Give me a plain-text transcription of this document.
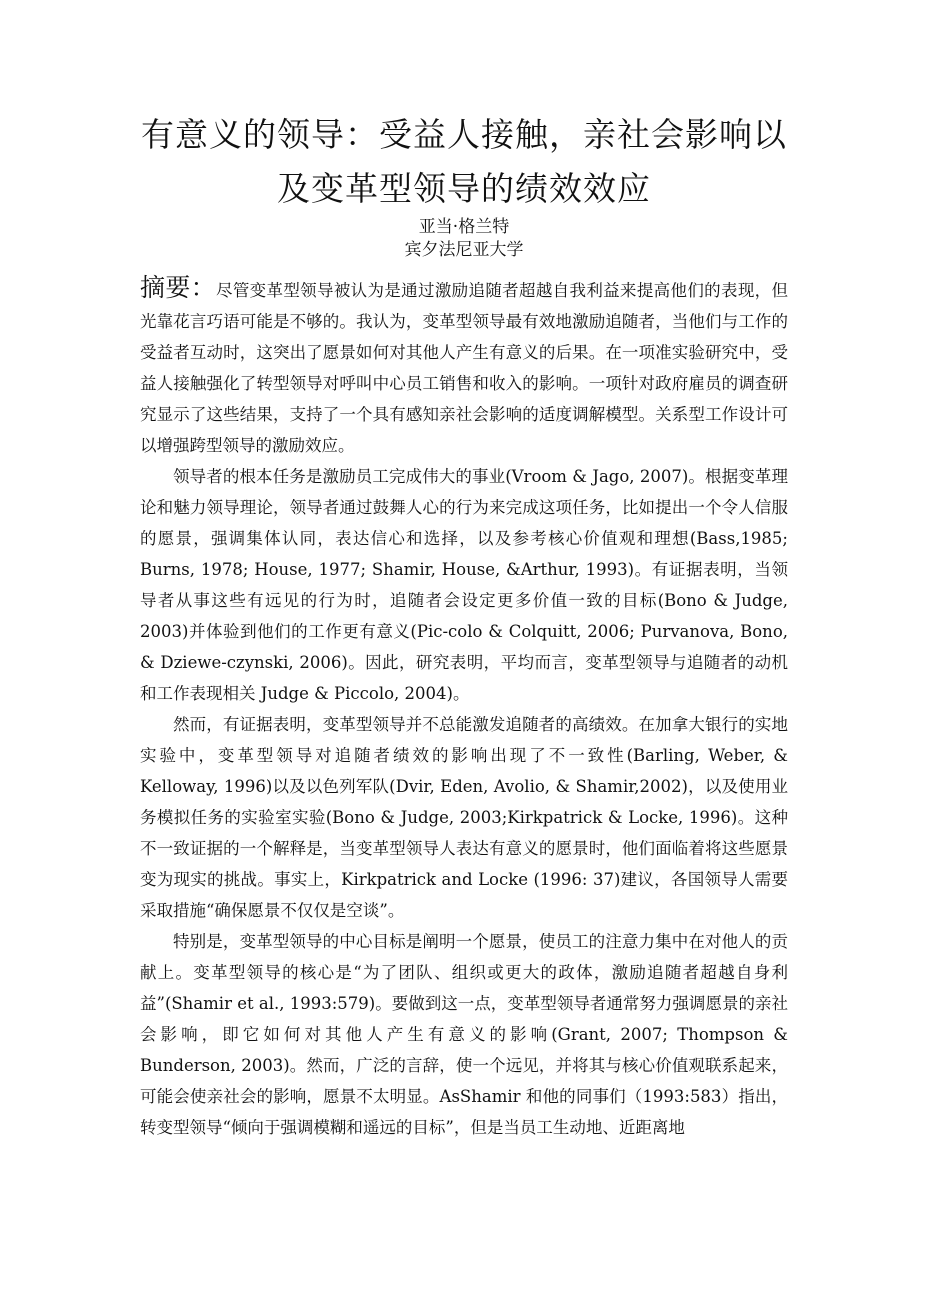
有意义的领导：受益人接触，亲社会影响以及变革型领导的绩效效应
亚当·格兰特
宾夕法尼亚大学
摘要：尽管变革型领导被认为是通过激励追随者超越自我利益来提高他们的表现，但光靠花言巧语可能是不够的。我认为，变革型领导最有效地激励追随者，当他们与工作的受益者互动时，这突出了愿景如何对其他人产生有意义的后果。在一项准实验研究中，受益人接触强化了转型领导对呼叫中心员工销售和收入的影响。一项针对政府雇员的调查研究显示了这些结果，支持了一个具有感知亲社会影响的适度调解模型。关系型工作设计可以增强跨型领导的激励效应。

领导者的根本任务是激励员工完成伟大的事业(Vroom & Jago, 2007)。根据变革理论和魅力领导理论，领导者通过鼓舞人心的行为来完成这项任务，比如提出一个令人信服的愿景，强调集体认同，表达信心和选择，以及参考核心价值观和理想(Bass,1985; Burns, 1978; House, 1977; Shamir, House, &Arthur, 1993)。有证据表明，当领导者从事这些有远见的行为时，追随者会设定更多价值一致的目标(Bono & Judge, 2003)并体验到他们的工作更有意义(Pic-colo & Colquitt, 2006; Purvanova, Bono, & Dziewe-czynski, 2006)。因此，研究表明，平均而言，变革型领导与追随者的动机和工作表现相关 Judge & Piccolo, 2004)。

然而，有证据表明，变革型领导并不总能激发追随者的高绩效。在加拿大银行的实地实验中，变革型领导对追随者绩效的影响出现了不一致性(Barling, Weber, & Kelloway, 1996)以及以色列军队(Dvir, Eden, Avolio, & Shamir,2002)，以及使用业务模拟任务的实验室实验(Bono & Judge, 2003;Kirkpatrick & Locke, 1996)。这种不一致证据的一个解释是，当变革型领导人表达有意义的愿景时，他们面临着将这些愿景变为现实的挑战。事实上，Kirkpatrick and Locke (1996: 37)建议，各国领导人需要采取措施“确保愿景不仅仅是空谈”。

特别是，变革型领导的中心目标是阐明一个愿景，使员工的注意力集中在对他人的贡献上。变革型领导的核心是“为了团队、组织或更大的政体，激励追随者超越自身利益”(Shamir et al., 1993:579)。要做到这一点，变革型领导者通常努力强调愿景的亲社会影响，即它如何对其他人产生有意义的影响(Grant, 2007; Thompson & Bunderson, 2003)。然而，广泛的言辞，使一个远见，并将其与核心价值观联系起来，可能会使亲社会的影响，愿景不太明显。AsShamir 和他的同事们（1993:583）指出，转变型领导“倾向于强调模糊和遥远的目标”，但是当员工生动地、近距离地
